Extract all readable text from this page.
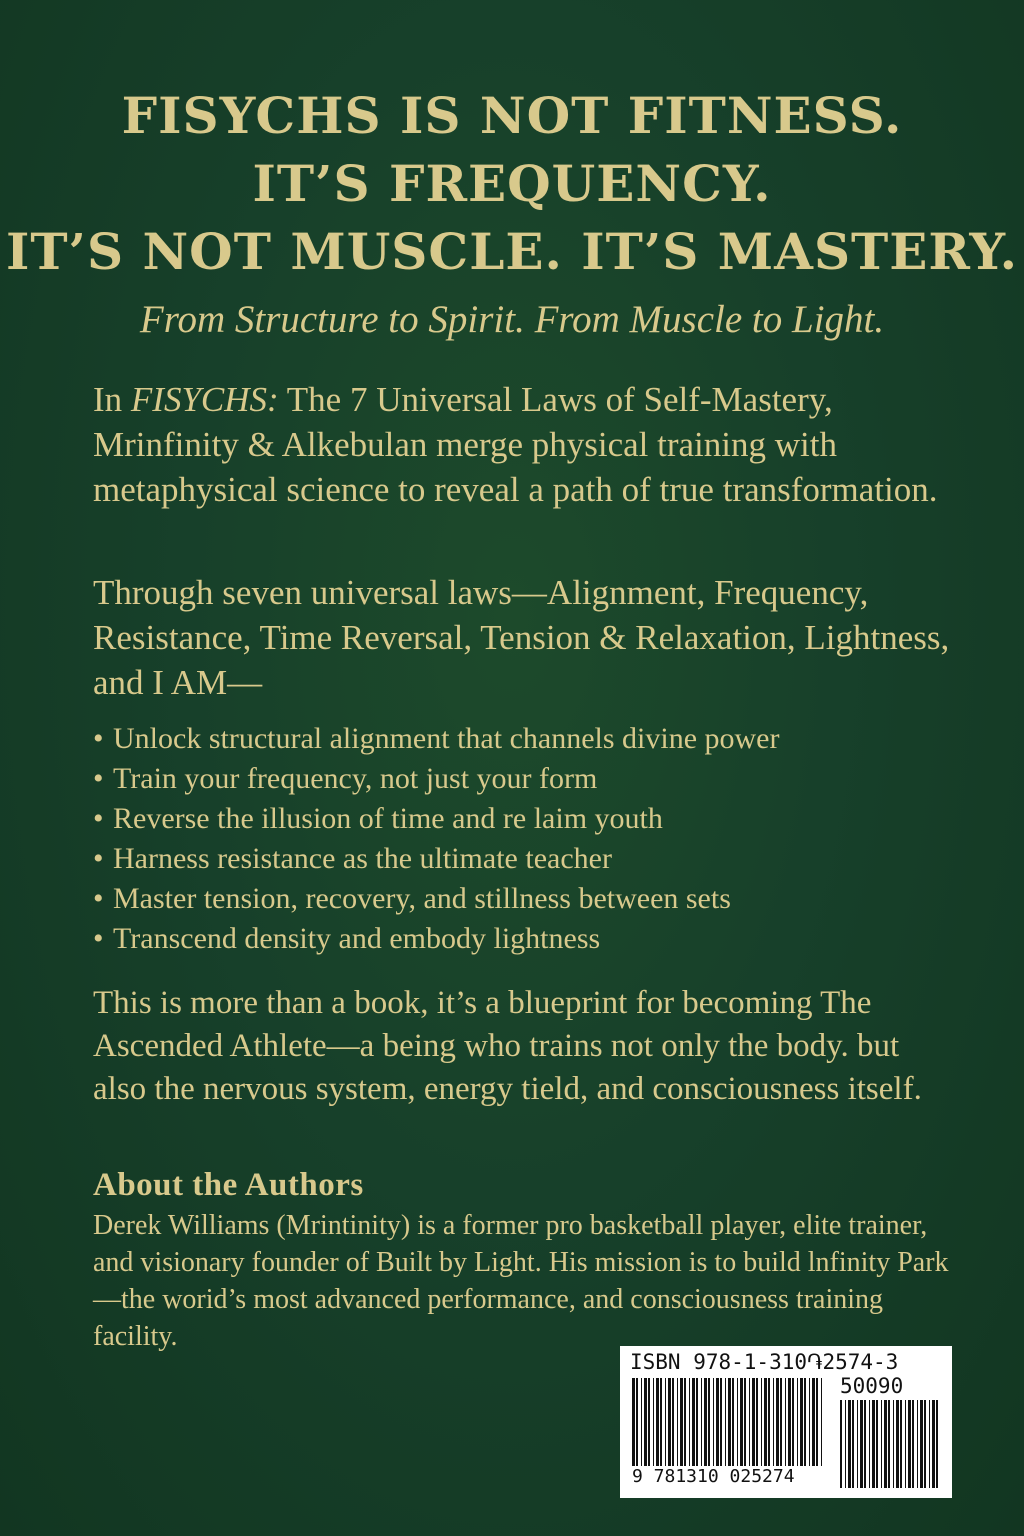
FISYCHS IS NOT FITNESS.
IT’S FREQUENCY.
IT’S NOT MUSCLE. IT’S MASTERY.
From Structure to Spirit. From Muscle to Light.
In FISYCHS: The 7 Universal Laws of Self-Mastery, Mrinfinity & Alkebulan merge physical training with metaphysical science to reveal a path of true transformation.
Through seven universal laws—Alignment, Frequency, Resistance, Time Reversal, Tension & Relaxation, Lightness, and I AM—
• Unlock structural alignment that channels divine power
• Train your frequency, not just your form
• Reverse the illusion of time and re laim youth
• Harness resistance as the ultimate teacher
• Master tension, recovery, and stillness between sets
• Transcend density and embody lightness
This is more than a book, it’s a blueprint for becoming The Ascended Athlete—a being who trains not only the body. but also the nervous system, energy tield, and consciousness itself.
About the Authors
Derek Williams (Mrintinity) is a former pro basketball player, elite trainer, and visionary founder of Built by Light. His mission is to build lnfinity Park—the worid’s most advanced performance, and consciousness training facility.
ISBN 978-1-310֏2574-3
50090
9 781310 025274
